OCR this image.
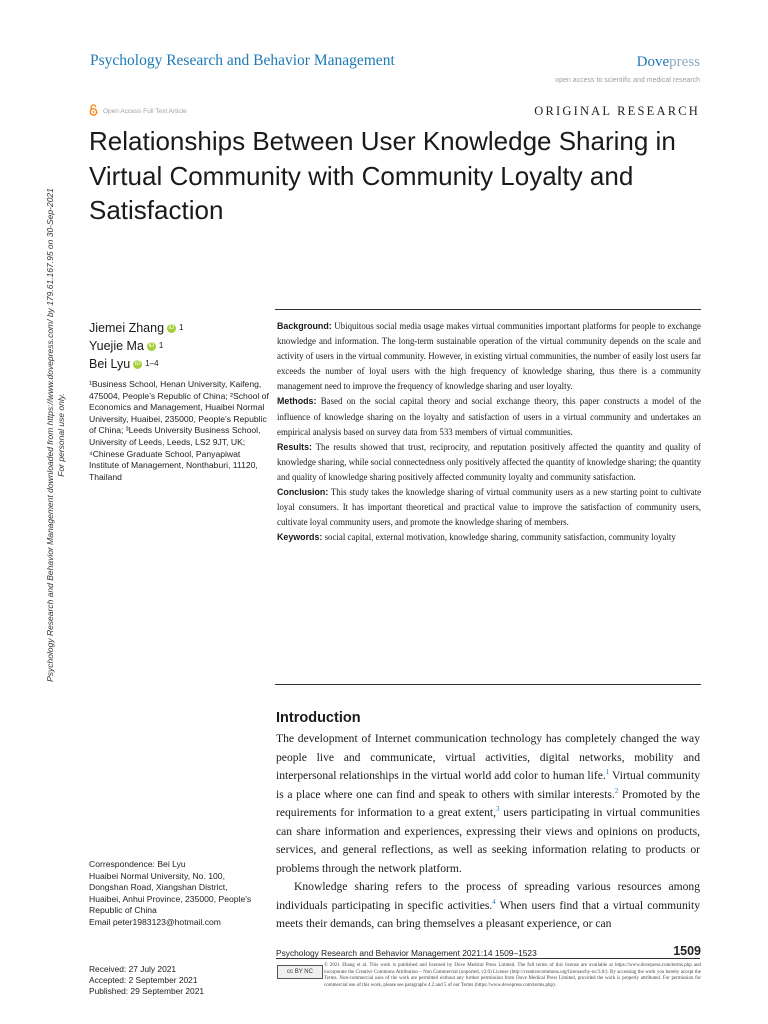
Psychology Research and Behavior Management	Dovepress
open access to scientific and medical research
Open Access Full Text Article	ORIGINAL RESEARCH
Relationships Between User Knowledge Sharing in Virtual Community with Community Loyalty and Satisfaction
Psychology Research and Behavior Management downloaded from https://www.dovepress.com/ by 179.61.167.95 on 30-Sep-2021 For personal use only.
Jiemei Zhang iD 1
Yuejie Ma iD 1
Bei Lyu iD 1–4
¹Business School, Henan University, Kaifeng, 475004, People's Republic of China; ²School of Economics and Management, Huaibei Normal University, Huaibei, 235000, People's Republic of China; ³Leeds University Business School, University of Leeds, Leeds, LS2 9JT, UK; ⁴Chinese Graduate School, Panyapiwat Institute of Management, Nonthaburi, 11120, Thailand

Background: Ubiquitous social media usage makes virtual communities important platforms for people to exchange knowledge and information. The long-term sustainable operation of the virtual community depends on the scale and activity of users in the virtual community. However, in existing virtual communities, the number of easily lost users far exceeds the number of loyal users with the high frequency of knowledge sharing, thus there is a community management need to improve the frequency of knowledge sharing and user loyalty.

Methods: Based on the social capital theory and social exchange theory, this paper constructs a model of the influence of knowledge sharing on the loyalty and satisfaction of users in a virtual community and undertakes an empirical analysis based on survey data from 533 members of virtual communities.

Results: The results showed that trust, reciprocity, and reputation positively affected the quantity and quality of knowledge sharing, while social connectedness only positively affected the quantity of knowledge sharing; the quantity and quality of knowledge sharing positively affected community loyalty and community satisfaction.

Conclusion: This study takes the knowledge sharing of virtual community users as a new starting point to cultivate loyal consumers. It has important theoretical and practical value to improve the satisfaction of community users, cultivate loyal community users, and promote the knowledge sharing of members.

Keywords: social capital, external motivation, knowledge sharing, community satisfaction, community loyalty

Introduction

The development of Internet communication technology has completely changed the way people live and communicate, virtual activities, digital networks, mobility and interpersonal relationships in the virtual world add color to human life.$^1$ Virtual community is a place where one can find and speak to others with similar interests.$^2$ Promoted by the requirements for information to a great extent,$^3$ users participating in virtual communities can share information and experiences, expressing their views and opinions on products, services, and general reflections, as well as seeking information relating to products or problems through the network platform.

Knowledge sharing refers to the process of spreading various resources among individuals participating in specific activities.$^4$ When users find that a virtual community meets their demands, can bring themselves a pleasant experience, or can

Correspondence: Bei Lyu
Huaibei Normal University, No. 100,
Dongshan Road, Xiangshan District,
Huaibei, Anhui Province, 235000, People's
Republic of China
Email peter1983123@hotmail.com
Psychology Research and Behavior Management 2021:14 1509–1523	1509
cc BY NC
© 2021 Zhang et al. This work is published and licensed by Dove Medical Press Limited. The full terms of this license are available at https://www.dovepress.com/terms.php and incorporate the Creative Commons Attribution – Non Commercial (unported, v3.0) License (http://creativecommons.org/licenses/by-nc/3.0/). By accessing the work you hereby accept the Terms. Non-commercial uses of the work are permitted without any further permission from Dove Medical Press Limited, provided the work is properly attributed. For permission for commercial use of this work, please see paragraphs 4.2 and 5 of our Terms (https://www.dovepress.com/terms.php).
Received: 27 July 2021
Accepted: 2 September 2021
Published: 29 September 2021
